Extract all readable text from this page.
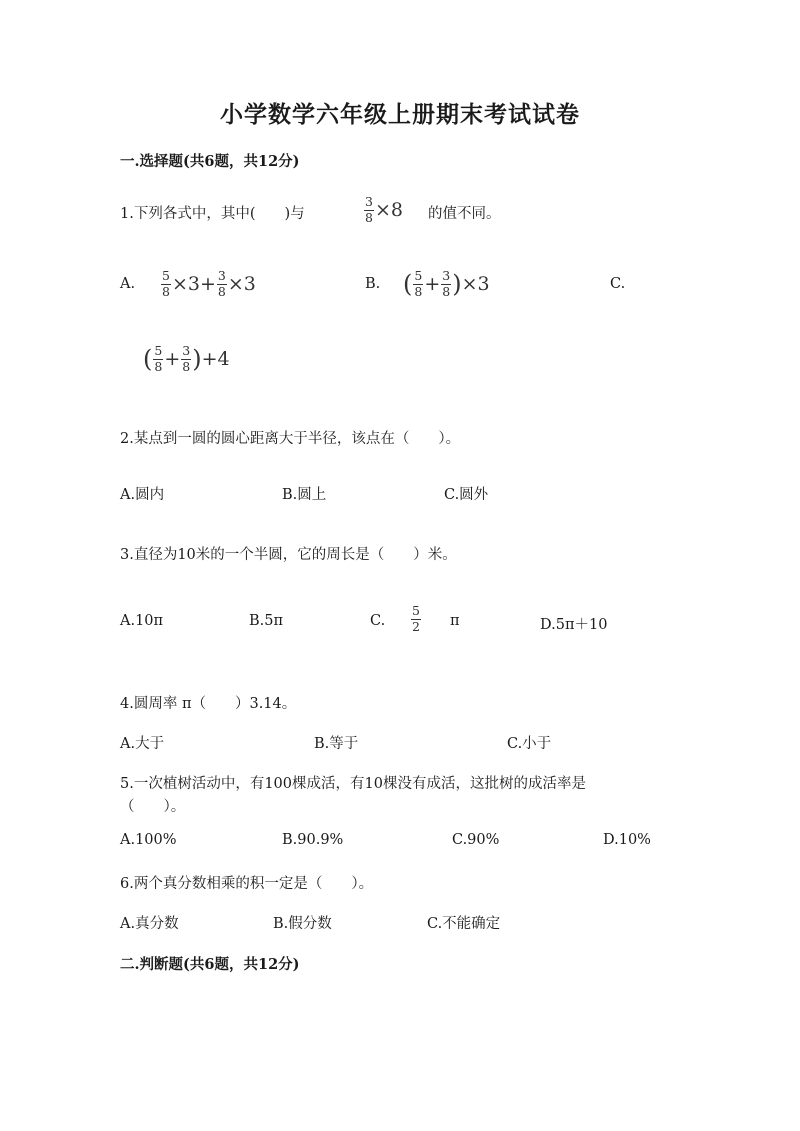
小学数学六年级上册期末考试试卷
一.选择题(共6题，共12分)
1.下列各式中，其中(　　)与	$\frac{3}{8} \times 8$ 的值不同。
A. $\frac{5}{8} \times 3 + \frac{3}{8} \times 3$	B. ( $\frac{5}{8} + \frac{3}{8}$ ) ×3	C.
( $\frac{5}{8} + \frac{3}{8}$ ) +4
2.某点到一圆的圆心距离大于半径，该点在（　　）。
A.圆内	B.圆上	C.圆外
3.直径为10米的一个半圆，它的周长是（　　）米。
A.10π	B.5π	C. $\frac{5}{2}$ π	D.5π＋10
4.圆周率 π（　　）3.14。
A.大于	B.等于	C.小于
5.一次植树活动中，有100棵成活，有10棵没有成活，这批树的成活率是
（　　）。
A.100%	B.90.9%	C.90%	D.10%
6.两个真分数相乘的积一定是（　　）。
A.真分数	B.假分数	C.不能确定
二.判断题(共6题，共12分)
